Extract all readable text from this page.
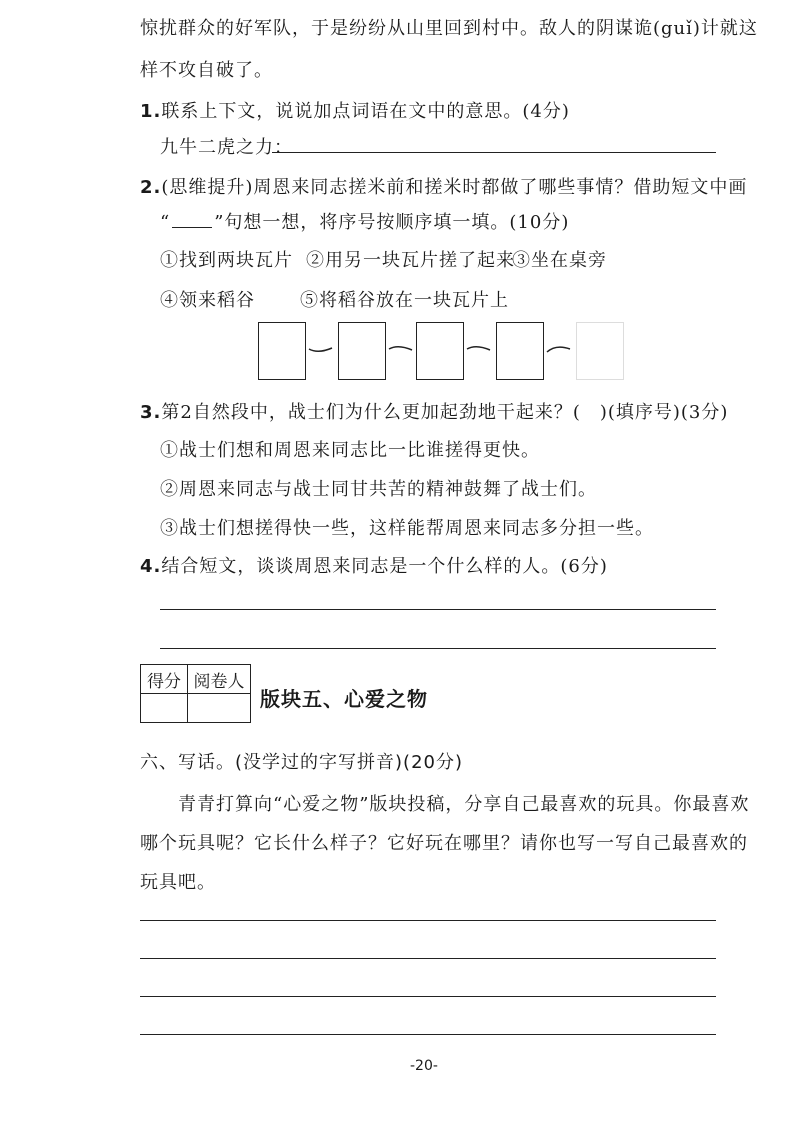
惊扰群众的好军队，于是纷纷从山里回到村中。敌人的阴谋诡(guǐ)计就这
样不攻自破了。
1.联系上下文，说说加点词语在文中的意思。(4分)
九牛二虎之力：
2.(思维提升)周恩来同志搓米前和搓米时都做了哪些事情？借助短文中画
“ ”句想一想，将序号按顺序填一填。(10分)
①找到两块瓦片 ②用另一块瓦片搓了起来
③坐在桌旁
④领来稻谷	⑤将稻谷放在一块瓦片上
3.第2自然段中，战士们为什么更加起劲地干起来？(　)(填序号)(3分)
①战士们想和周恩来同志比一比谁搓得更快。
②周恩来同志与战士同甘共苦的精神鼓舞了战士们。
③战士们想搓得快一些，这样能帮周恩来同志多分担一些。
4.结合短文，谈谈周恩来同志是一个什么样的人。(6分)
得分	阅卷人

版块五、心爱之物
六、写话。(没学过的字写拼音)(20分)
青青打算向“心爱之物”版块投稿，分享自己最喜欢的玩具。你最喜欢
哪个玩具呢？它长什么样子？它好玩在哪里？请你也写一写自己最喜欢的
玩具吧。
-20-
